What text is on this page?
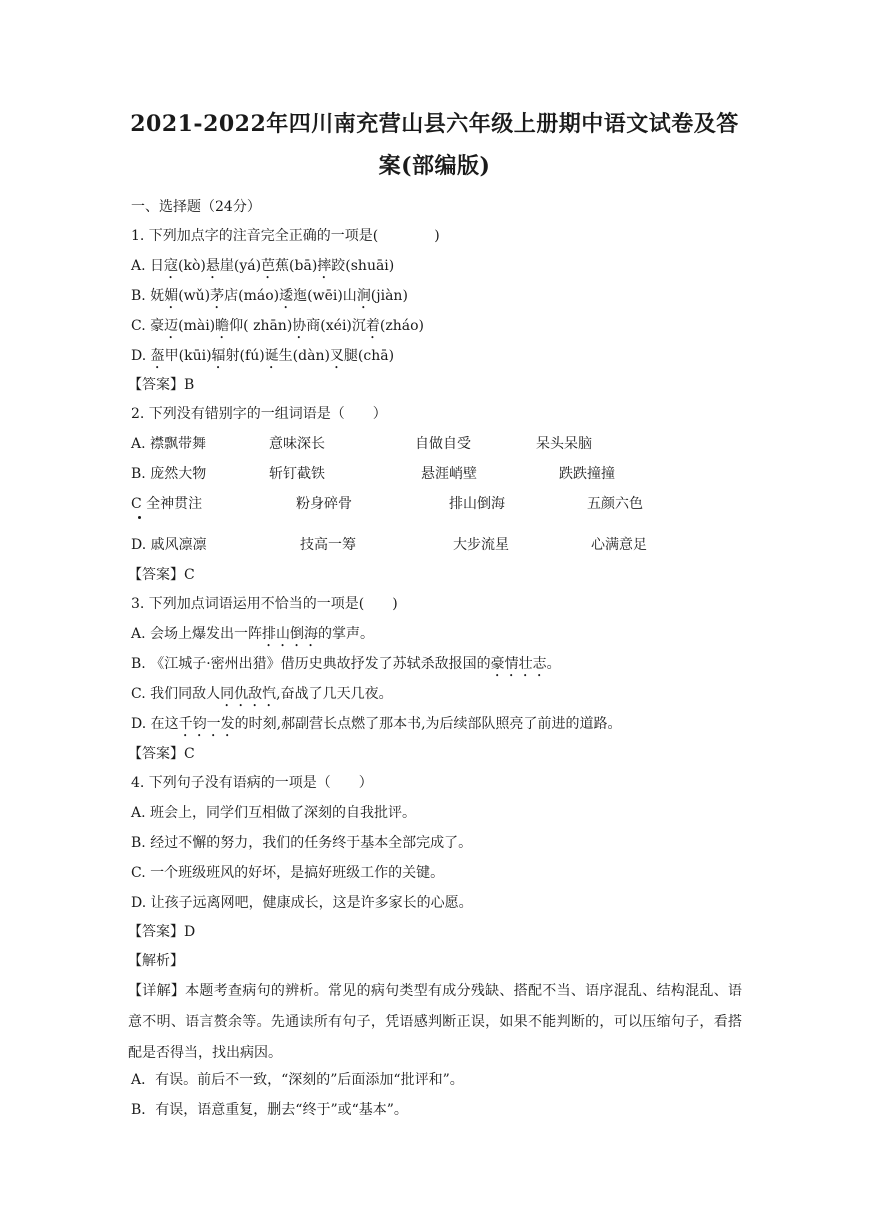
2021-2022年四川南充营山县六年级上册期中语文试卷及答
案(部编版)
一、选择题（24分）
1. 下列加点字的注音完全正确的一项是(　　　　)
A. 日寇(kò)悬崖(yá)芭蕉(bā)摔跤(shuāi)
B. 妩媚(wǔ)茅店(máo)逶迤(wēi)山涧(jiàn)
C. 豪迈(mài)瞻仰( zhān)协商(xéi)沉着(zháo)
D. 盔甲(kūi)辐射(fú)诞生(dàn)叉腿(chā)
【答案】B
2. 下列没有错别字的一组词语是（　　）
A. 襟飘带舞	意味深长	自做自受	呆头呆脑
B. 庞然大物	斩钉截铁	悬涯峭壁	跌跌撞撞
C 全神贯注	粉身碎骨	排山倒海	五颜六色
D. 戚风凛凛	技高一筹	大步流星	心满意足
【答案】C
3. 下列加点词语运用不恰当的一项是(　　)
A. 会场上爆发出一阵排山倒海的掌声。
B. 《江城子·密州出猎》借历史典故抒发了苏轼杀敌报国的豪情壮志。
C. 我们同敌人同仇敌忾,奋战了几天几夜。
D. 在这千钧一发的时刻,郝副营长点燃了那本书,为后续部队照亮了前进的道路。
【答案】C
4. 下列句子没有语病的一项是（　　）
A. 班会上，同学们互相做了深刻的自我批评。
B. 经过不懈的努力，我们的任务终于基本全部完成了。
C. 一个班级班风的好坏，是搞好班级工作的关键。
D. 让孩子远离网吧，健康成长，这是许多家长的心愿。
【答案】D
【解析】
【详解】本题考查病句的辨析。常见的病句类型有成分残缺、搭配不当、语序混乱、结构混乱、语意不明、语言赘余等。先通读所有句子，凭语感判断正误，如果不能判断的，可以压缩句子，看搭配是否得当，找出病因。
A．有误。前后不一致，“深刻的”后面添加“批评和”。
B．有误，语意重复，删去“终于”或“基本”。
